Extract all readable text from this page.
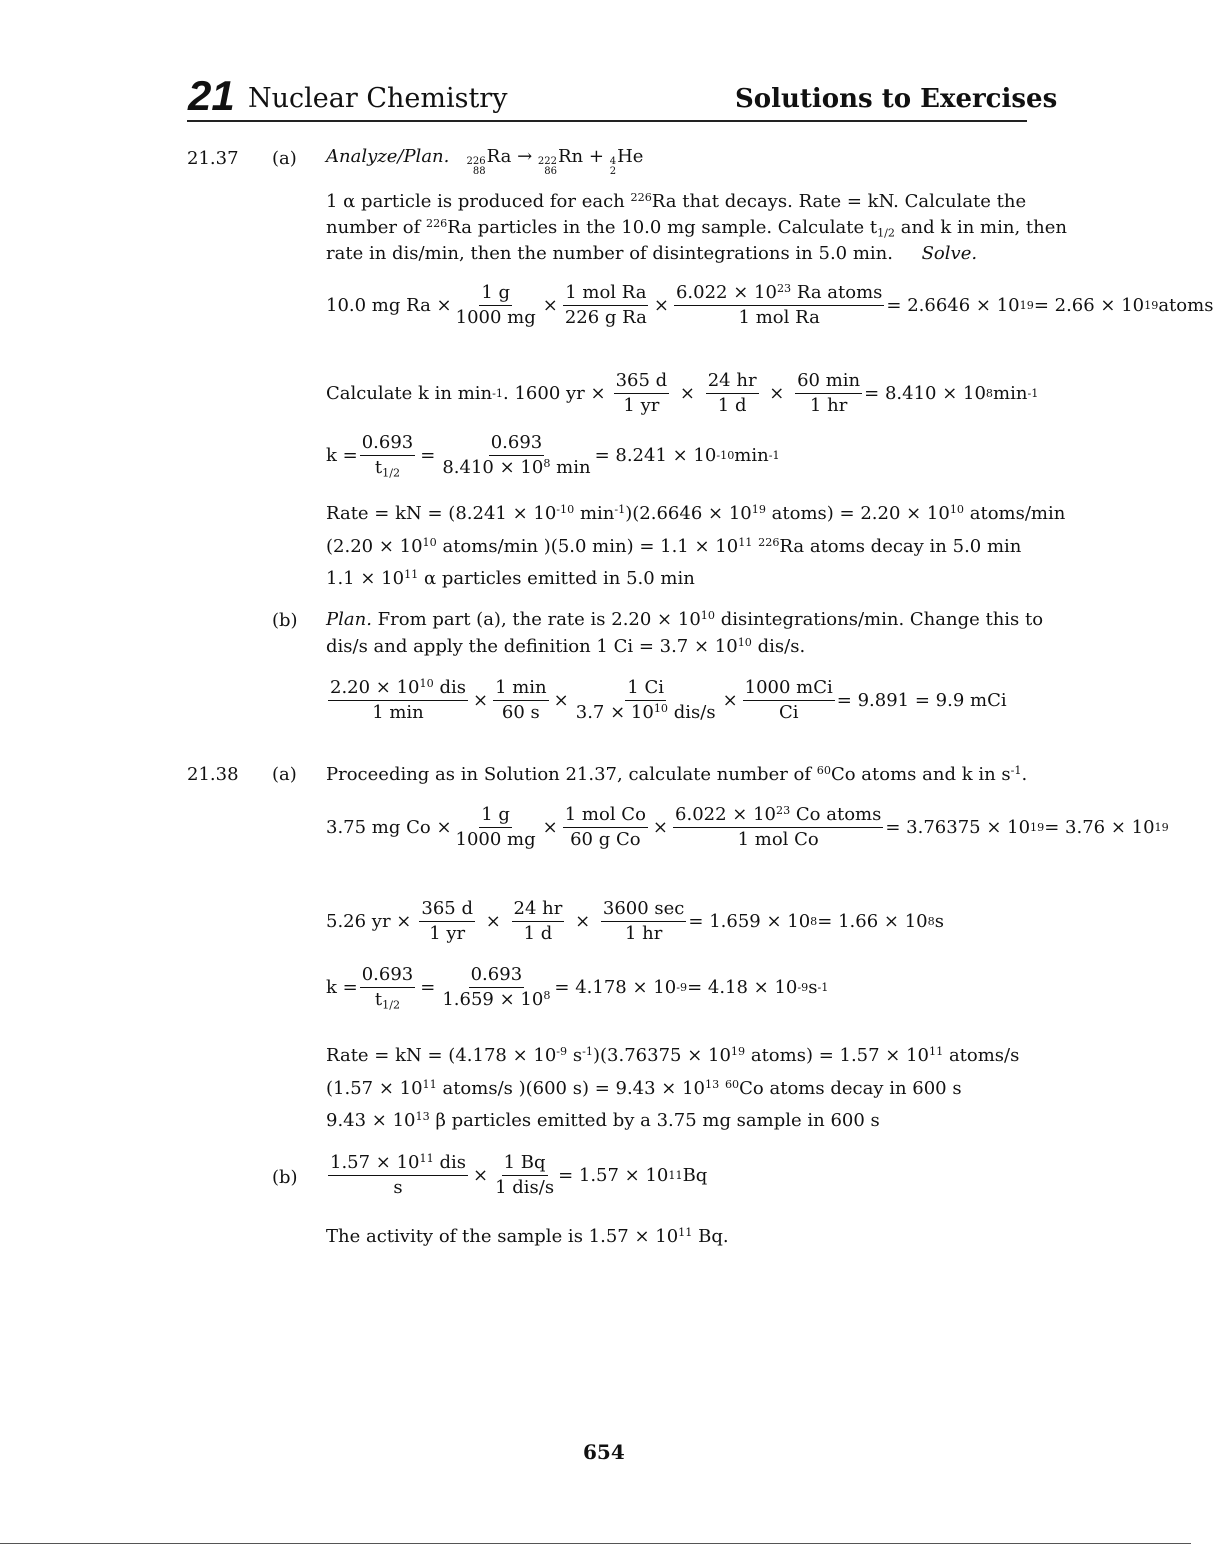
21 Nuclear Chemistry	Solutions to Exercises
21.37 (a) Analyze/Plan. 226
88
Ra → 222
86
Rn + 4
2
He
1 α particle is produced for each $^{226}$Ra that decays. Rate = kN. Calculate the
number of $^{226}$Ra particles in the 10.0 mg sample. Calculate $t_{1/2}$ and k in min, then
rate in dis/min, then the number of disintegrations in 5.0 min. Solve.
10.0 mg $Ra \times \frac{1 g}{1000 mg} \times \frac{\text{1 mol Ra}}{\text{226 g Ra}} \times \frac{6.022 \times 10^{23} Ra atoms}{\text{1 mol Ra}} = 2.6646 \times 10$ 19 = 2.66 × 10 19 atoms
Calculate k in min -1 . 1600 yr × $\frac{365 d}{1 yr} \times \frac{24 hr}{1 d} \times \frac{60 \min}{1 hr} = 8.410 \times 10$ 8 min -1
$k = \frac{0.693}{t_{1/2}} = \frac{0.693}{8.410 \times 10^8 \min} = 8.241 \times 10$ -10 min -1
Rate = kN = ($8.241 \times 10^{-10}$ $\min^{-1})(2.6646 \times 10^{19}$ atoms) = $2.20 \times 10^{10}$ atoms/min
($2.20 \times 10^{10}$ atoms/min )(5.0 $\min) = 1.1 \times 10^{11}$ $^{226}$Ra atoms decay in 5.0 min
$1.1 \times 10^{11}$ α particles emitted in 5.0 min
(b) Plan. From part (a), the rate is $2.20 \times 10^{10}$ disintegrations/min. Change this to
dis/s and apply the definition 1 $Ci = 3.7 \times 10^{10}$ dis/s.
$\frac{2.20 \times 10^{10} dis}{1 \min} \times \frac{1 \min}{60 s} \times \frac{1 Ci}{3.7 \times 10^{10} dis/s} \times \frac{\text{1000 mCi}}{Ci} = 9.891 = 9.9$ mCi
21.38 (a) Proceeding as in Solution 21.37, calculate number of $^{60}$Co atoms and k in $s^{-1}$.
3.75 mg $Co \times \frac{1 g}{1000 mg} \times \frac{\text{1 mol Co}}{\text{60 g Co}} \times \frac{6.022 \times 10^{23} Co atoms}{\text{1 mol Co}} = 3.76375 \times 10$ 19 = 3.76 × 10 19
5.26 yr × $\frac{365 d}{1 yr} \times \frac{24 hr}{1 d} \times \frac{3600 \sec}{1 hr} = 1.659 \times 10$ 8 = 1.66 × 10 8 s
$k = \frac{0.693}{t_{1/2}} = \frac{0.693}{1.659 \times 10^8} = 4.178 \times 10$ -9 = 4.18 × 10 -9 s -1
Rate = kN = ($4.178 \times 10^{-9}$ $s^{-1})(3.76375 \times 10^{19}$ atoms) = $1.57 \times 10^{11}$ atoms/s
($1.57 \times 10^{11}$ atoms/s )(600 $s) = 9.43 \times 10^{13}$ $^{60}$Co atoms decay in 600 s
$9.43 \times 10^{13}$ β particles emitted by a 3.75 mg sample in 600 s
$(b) \frac{1.57 \times 10^{11} dis}{s} \times \frac{1 Bq}{\text{1 dis/s}} = 1.57 \times 10$ 11 Bq
The activity of the sample is $1.57 \times 10^{11}$ Bq.
654
